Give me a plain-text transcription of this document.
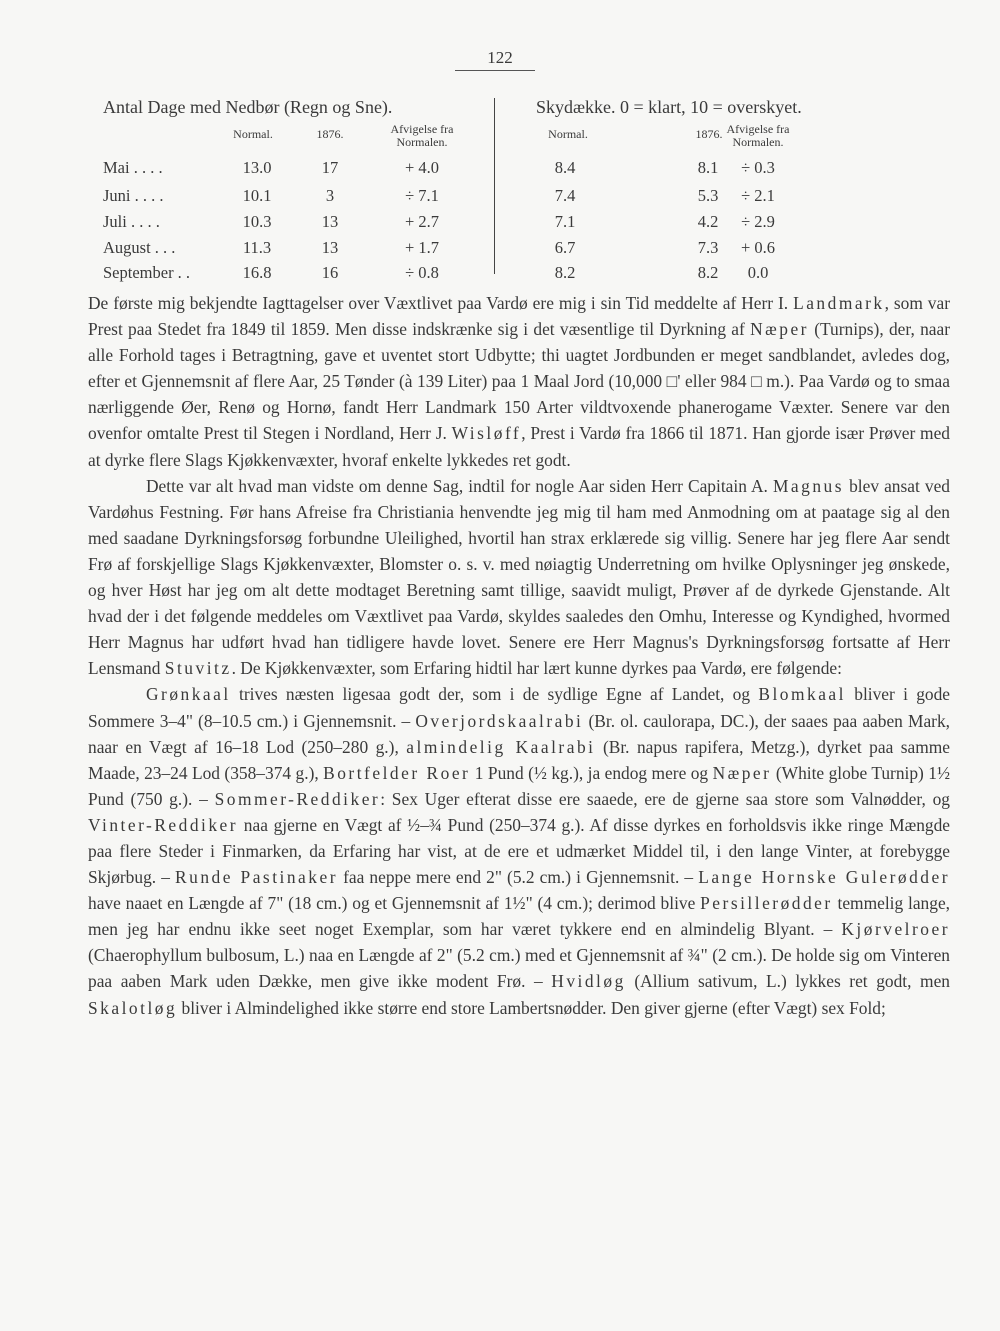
122
Antal Dage med Nedbør (Regn og Sne).
Normal.	1876.	Afvigelse fra Normalen.
Mai . . . .	13.0	17	+ 4.0
Juni . . . .	10.1	3	÷ 7.1
Juli . . . .	10.3	13	+ 2.7
August . . .	11.3	13	+ 1.7
September . .	16.8	16	÷ 0.8
Skydække. 0 = klart, 10 = overskyet.
Normal.	1876. Afvigelse fra Normalen.
8.4	8.1	÷ 0.3
7.4	5.3	÷ 2.1
7.1	4.2	÷ 2.9
6.7	7.3	+ 0.6
8.2	8.2	0.0

De første mig bekjendte Iagttagelser over Væxtlivet paa Vardø ere mig i sin Tid meddelte af Herr I. Landmark, som var Prest paa Stedet fra 1849 til 1859. Men disse indskrænke sig i det væsentlige til Dyrkning af Næper (Turnips), der, naar alle Forhold tages i Betragtning, gave et uventet stort Udbytte; thi uagtet Jordbunden er meget sandblandet, avledes dog, efter et Gjennemsnit af flere Aar, 25 Tønder (à 139 Liter) paa 1 Maal Jord (10,000 □' eller 984 □ m.). Paa Vardø og to smaa nærliggende Øer, Renø og Hornø, fandt Herr Landmark 150 Arter vildtvoxende phanerogame Væxter. Senere var den ovenfor omtalte Prest til Stegen i Nordland, Herr J. Wisløff, Prest i Vardø fra 1866 til 1871. Han gjorde især Prøver med at dyrke flere Slags Kjøkkenvæxter, hvoraf enkelte lykkedes ret godt.

Dette var alt hvad man vidste om denne Sag, indtil for nogle Aar siden Herr Capitain A. Magnus blev ansat ved Vardøhus Festning. Før hans Afreise fra Christiania henvendte jeg mig til ham med Anmodning om at paatage sig al den med saadane Dyrkningsforsøg forbundne Uleilighed, hvortil han strax erklærede sig villig. Senere har jeg flere Aar sendt Frø af forskjellige Slags Kjøkkenvæxter, Blomster o. s. v. med nøiagtig Underretning om hvilke Oplysninger jeg ønskede, og hver Høst har jeg om alt dette modtaget Beretning samt tillige, saavidt muligt, Prøver af de dyrkede Gjenstande. Alt hvad der i det følgende meddeles om Væxtlivet paa Vardø, skyldes saaledes den Omhu, Interesse og Kyndighed, hvormed Herr Magnus har udført hvad han tidligere havde lovet. Senere ere Herr Magnus's Dyrkningsforsøg fortsatte af Herr Lensmand Stuvitz. De Kjøkkenvæxter, som Erfaring hidtil har lært kunne dyrkes paa Vardø, ere følgende:

Grønkaal trives næsten ligesaa godt der, som i de sydlige Egne af Landet, og Blomkaal bliver i gode Sommere 3–4" (8–10.5 cm.) i Gjennemsnit. – Overjordskaalrabi (Br. ol. caulorapa, DC.), der saaes paa aaben Mark, naar en Vægt af 16–18 Lod (250–280 g.), almindelig Kaalrabi (Br. napus rapifera, Metzg.), dyrket paa samme Maade, 23–24 Lod (358–374 g.), Bortfelder Roer 1 Pund (½ kg.), ja endog mere og Næper (White globe Turnip) 1½ Pund (750 g.). – Sommer-Reddiker: Sex Uger efterat disse ere saaede, ere de gjerne saa store som Valnødder, og Vinter-Reddiker naa gjerne en Vægt af ½–¾ Pund (250–374 g.). Af disse dyrkes en forholdsvis ikke ringe Mængde paa flere Steder i Finmarken, da Erfaring har vist, at de ere et udmærket Middel til, i den lange Vinter, at forebygge Skjørbug. – Runde Pastinaker faa neppe mere end 2" (5.2 cm.) i Gjennemsnit. – Lange Hornske Gulerødder have naaet en Længde af 7" (18 cm.) og et Gjennemsnit af 1½" (4 cm.); derimod blive Persillerødder temmelig lange, men jeg har endnu ikke seet noget Exemplar, som har været tykkere end en almindelig Blyant. – Kjørvelroer (Chaerophyllum bulbosum, L.) naa en Længde af 2" (5.2 cm.) med et Gjennemsnit af ¾" (2 cm.). De holde sig om Vinteren paa aaben Mark uden Dække, men give ikke modent Frø. – Hvidløg (Allium sativum, L.) lykkes ret godt, men Skalotløg bliver i Almindelighed ikke større end store Lambertsnødder. Den giver gjerne (efter Vægt) sex Fold;
